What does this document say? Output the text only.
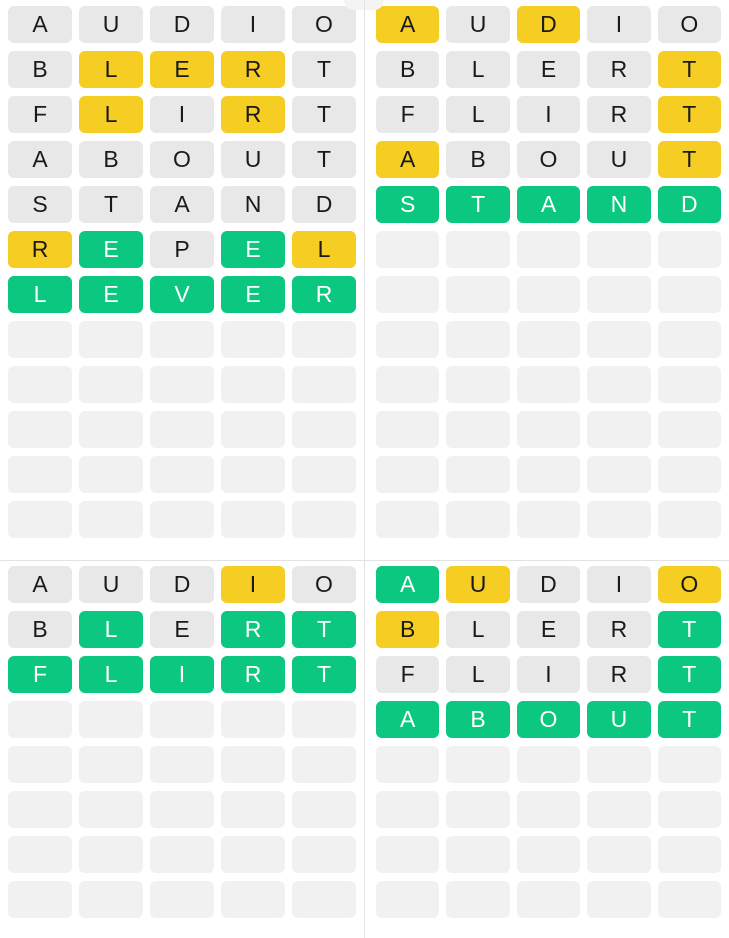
A	U	D	I	O
B	L	E	R	T
F	L	I	R	T
A	B	O	U	T
S	T	A	N	D
R	E	P	E	L
L	E	V	E	R
A	U	D	I	O
B	L	E	R	T
F	L	I	R	T
A	B	O	U	T
S	T	A	N	D
A	U	D	I	O
B	L	E	R	T
F	L	I	R	T
A	U	D	I	O
B	L	E	R	T
F	L	I	R	T
A	B	O	U	T
